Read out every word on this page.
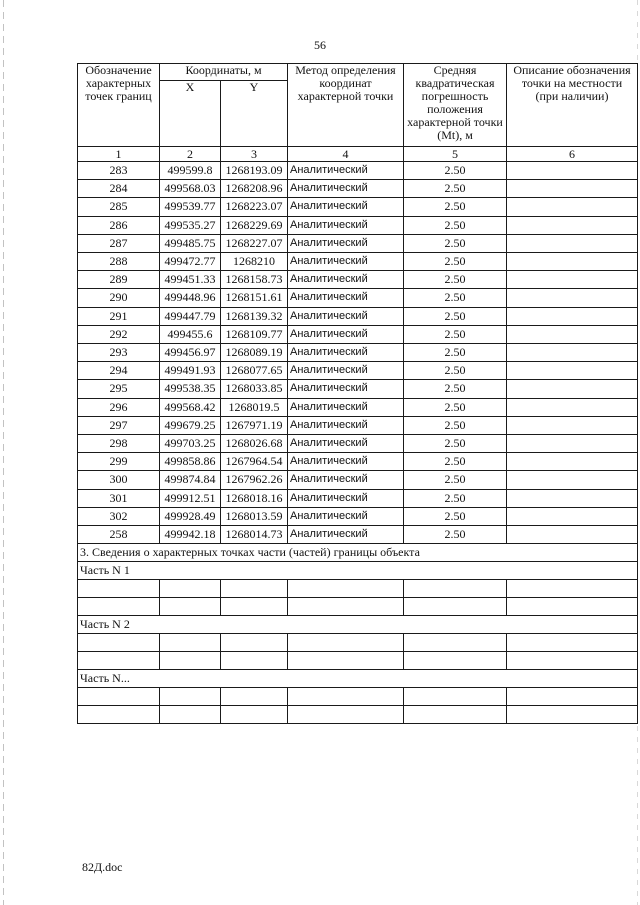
56
Обозначение характерных точек границ	Координаты, м		Метод определения координат характерной точки	Средняя квадратическая погрешность положения характерной точки (Mt), м	Описание обозначения точки на местности (при наличии)
	X	Y			
1	2	3	4	5	6
283	499599.8	1268193.09	Аналитический	2.50	
284	499568.03	1268208.96	Аналитический	2.50	
285	499539.77	1268223.07	Аналитический	2.50	
286	499535.27	1268229.69	Аналитический	2.50	
287	499485.75	1268227.07	Аналитический	2.50	
288	499472.77	1268210	Аналитический	2.50	
289	499451.33	1268158.73	Аналитический	2.50	
290	499448.96	1268151.61	Аналитический	2.50	
291	499447.79	1268139.32	Аналитический	2.50	
292	499455.6	1268109.77	Аналитический	2.50	
293	499456.97	1268089.19	Аналитический	2.50	
294	499491.93	1268077.65	Аналитический	2.50	
295	499538.35	1268033.85	Аналитический	2.50	
296	499568.42	1268019.5	Аналитический	2.50	
297	499679.25	1267971.19	Аналитический	2.50	
298	499703.25	1268026.68	Аналитический	2.50	
299	499858.86	1267964.54	Аналитический	2.50	
300	499874.84	1267962.26	Аналитический	2.50	
301	499912.51	1268018.16	Аналитический	2.50	
302	499928.49	1268013.59	Аналитический	2.50	
258	499942.18	1268014.73	Аналитический	2.50	
3. Сведения о характерных точках части (частей) границы объекта					
Часть N 1					

Часть N 2					

Часть N...					

82Д.doc
